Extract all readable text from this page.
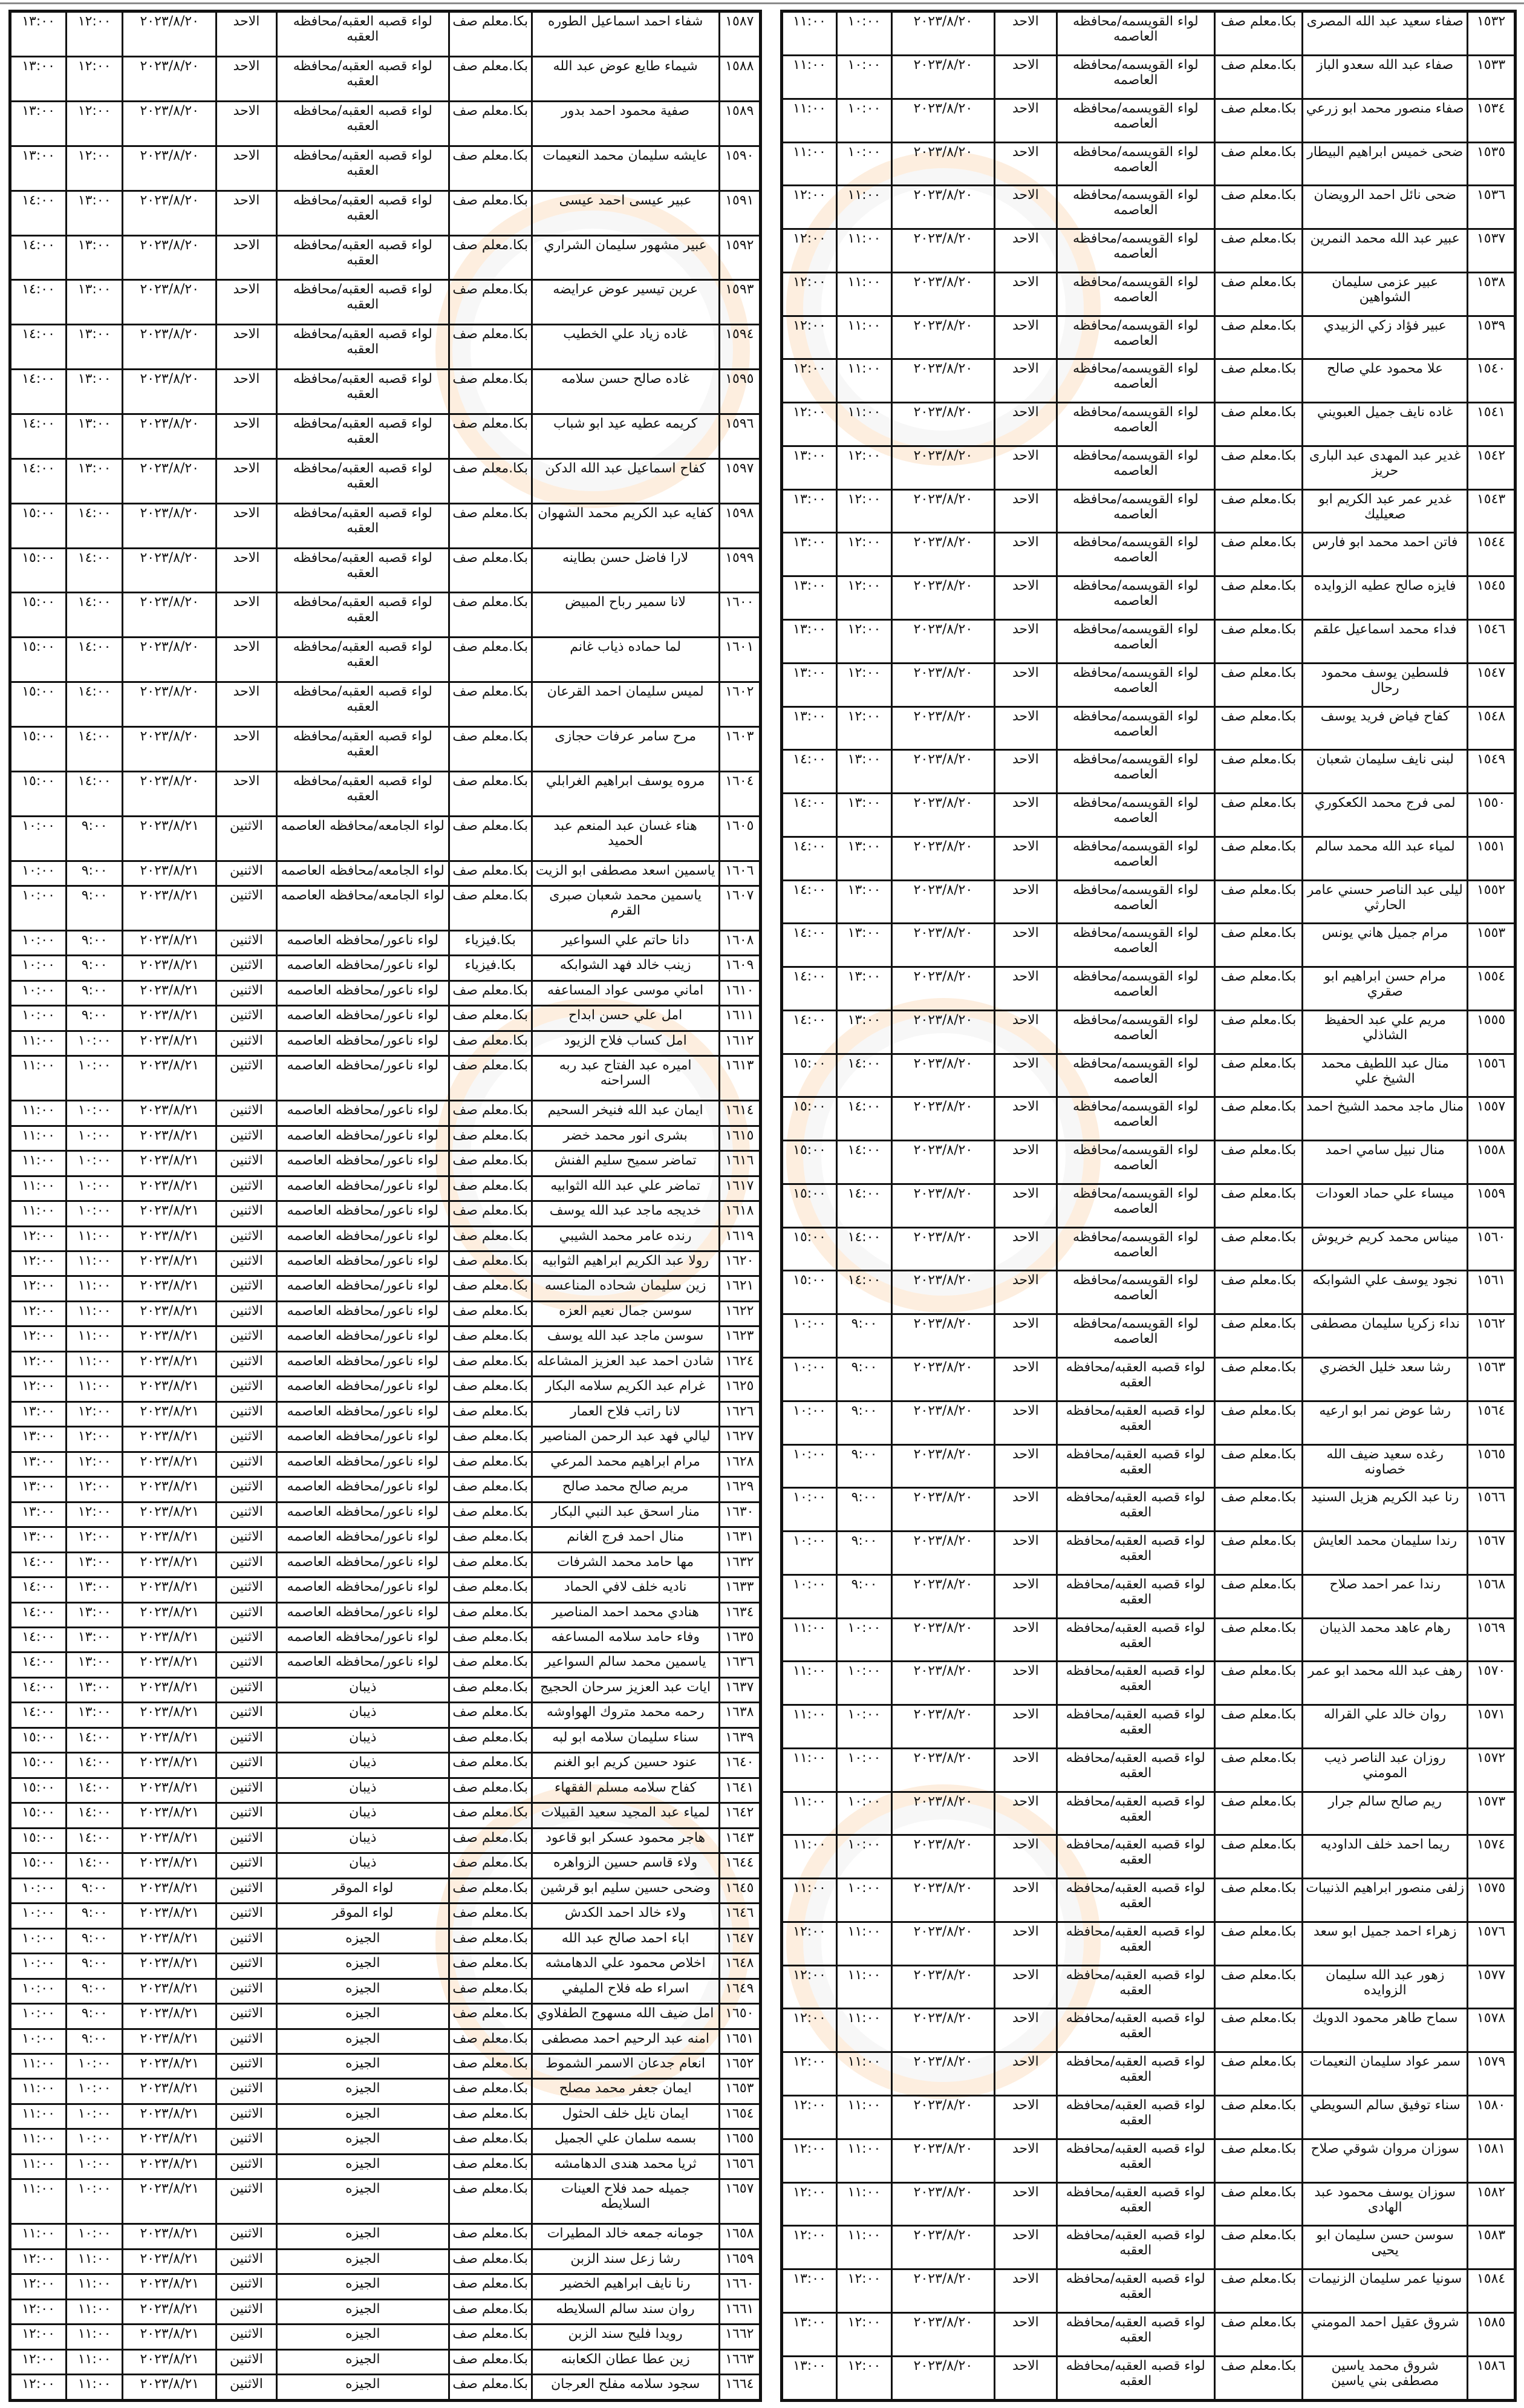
١٥٣٢	صفاء سعيد عبد الله المصرى	بكا.معلم صف	لواء القويسمه/محافظه العاصمه	الاحد	٢٠٢٣/٨/٢٠	١٠:٠٠	١١:٠٠
١٥٣٣	صفاء عبد الله سعدو الباز	بكا.معلم صف	لواء القويسمه/محافظه العاصمه	الاحد	٢٠٢٣/٨/٢٠	١٠:٠٠	١١:٠٠
١٥٣٤	صفاء منصور محمد ابو زرعي	بكا.معلم صف	لواء القويسمه/محافظه العاصمه	الاحد	٢٠٢٣/٨/٢٠	١٠:٠٠	١١:٠٠
١٥٣٥	ضحى خميس ابراهيم البيطار	بكا.معلم صف	لواء القويسمه/محافظه العاصمه	الاحد	٢٠٢٣/٨/٢٠	١٠:٠٠	١١:٠٠
١٥٣٦	ضحى نائل احمد الرويضان	بكا.معلم صف	لواء القويسمه/محافظه العاصمه	الاحد	٢٠٢٣/٨/٢٠	١١:٠٠	١٢:٠٠
١٥٣٧	عبير عبد الله محمد النمرين	بكا.معلم صف	لواء القويسمه/محافظه العاصمه	الاحد	٢٠٢٣/٨/٢٠	١١:٠٠	١٢:٠٠
١٥٣٨	عبير عزمى سليمان الشواهين	بكا.معلم صف	لواء القويسمه/محافظه العاصمه	الاحد	٢٠٢٣/٨/٢٠	١١:٠٠	١٢:٠٠
١٥٣٩	عبير فؤاد زكي الزبيدي	بكا.معلم صف	لواء القويسمه/محافظه العاصمه	الاحد	٢٠٢٣/٨/٢٠	١١:٠٠	١٢:٠٠
١٥٤٠	علا محمود علي صالح	بكا.معلم صف	لواء القويسمه/محافظه العاصمه	الاحد	٢٠٢٣/٨/٢٠	١١:٠٠	١٢:٠٠
١٥٤١	غاده نايف جميل العبويني	بكا.معلم صف	لواء القويسمه/محافظه العاصمه	الاحد	٢٠٢٣/٨/٢٠	١١:٠٠	١٢:٠٠
١٥٤٢	غدير عبد المهدى عبد البارى حريز	بكا.معلم صف	لواء القويسمه/محافظه العاصمه	الاحد	٢٠٢٣/٨/٢٠	١٢:٠٠	١٣:٠٠
١٥٤٣	غدير عمر عبد الكريم ابو صعيليك	بكا.معلم صف	لواء القويسمه/محافظه العاصمه	الاحد	٢٠٢٣/٨/٢٠	١٢:٠٠	١٣:٠٠
١٥٤٤	فاتن احمد محمد ابو فارس	بكا.معلم صف	لواء القويسمه/محافظه العاصمه	الاحد	٢٠٢٣/٨/٢٠	١٢:٠٠	١٣:٠٠
١٥٤٥	فايزه صالح عطيه الزوايده	بكا.معلم صف	لواء القويسمه/محافظه العاصمه	الاحد	٢٠٢٣/٨/٢٠	١٢:٠٠	١٣:٠٠
١٥٤٦	فداء محمد اسماعيل علقم	بكا.معلم صف	لواء القويسمه/محافظه العاصمه	الاحد	٢٠٢٣/٨/٢٠	١٢:٠٠	١٣:٠٠
١٥٤٧	فلسطين يوسف محمود رحال	بكا.معلم صف	لواء القويسمه/محافظه العاصمه	الاحد	٢٠٢٣/٨/٢٠	١٢:٠٠	١٣:٠٠
١٥٤٨	كفاح فياض فريد يوسف	بكا.معلم صف	لواء القويسمه/محافظه العاصمه	الاحد	٢٠٢٣/٨/٢٠	١٢:٠٠	١٣:٠٠
١٥٤٩	لبنى نايف سليمان شعبان	بكا.معلم صف	لواء القويسمه/محافظه العاصمه	الاحد	٢٠٢٣/٨/٢٠	١٣:٠٠	١٤:٠٠
١٥٥٠	لمى فرج محمد الكعكوري	بكا.معلم صف	لواء القويسمه/محافظه العاصمه	الاحد	٢٠٢٣/٨/٢٠	١٣:٠٠	١٤:٠٠
١٥٥١	لمياء عبد الله محمد سالم	بكا.معلم صف	لواء القويسمه/محافظه العاصمه	الاحد	٢٠٢٣/٨/٢٠	١٣:٠٠	١٤:٠٠
١٥٥٢	ليلى عبد الناصر حسني عامر الحارثي	بكا.معلم صف	لواء القويسمه/محافظه العاصمه	الاحد	٢٠٢٣/٨/٢٠	١٣:٠٠	١٤:٠٠
١٥٥٣	مرام جميل هاني يونس	بكا.معلم صف	لواء القويسمه/محافظه العاصمه	الاحد	٢٠٢٣/٨/٢٠	١٣:٠٠	١٤:٠٠
١٥٥٤	مرام حسن ابراهيم ابو صقري	بكا.معلم صف	لواء القويسمه/محافظه العاصمه	الاحد	٢٠٢٣/٨/٢٠	١٣:٠٠	١٤:٠٠
١٥٥٥	مريم علي عبد الحفيظ الشاذلي	بكا.معلم صف	لواء القويسمه/محافظه العاصمه	الاحد	٢٠٢٣/٨/٢٠	١٣:٠٠	١٤:٠٠
١٥٥٦	منال عبد اللطيف محمد الشيخ علي	بكا.معلم صف	لواء القويسمه/محافظه العاصمه	الاحد	٢٠٢٣/٨/٢٠	١٤:٠٠	١٥:٠٠
١٥٥٧	منال ماجد محمد الشيخ احمد	بكا.معلم صف	لواء القويسمه/محافظه العاصمه	الاحد	٢٠٢٣/٨/٢٠	١٤:٠٠	١٥:٠٠
١٥٥٨	منال نبيل سامي احمد	بكا.معلم صف	لواء القويسمه/محافظه العاصمه	الاحد	٢٠٢٣/٨/٢٠	١٤:٠٠	١٥:٠٠
١٥٥٩	ميساء علي حماد العودات	بكا.معلم صف	لواء القويسمه/محافظه العاصمه	الاحد	٢٠٢٣/٨/٢٠	١٤:٠٠	١٥:٠٠
١٥٦٠	ميناس محمد كريم خريوش	بكا.معلم صف	لواء القويسمه/محافظه العاصمه	الاحد	٢٠٢٣/٨/٢٠	١٤:٠٠	١٥:٠٠
١٥٦١	نجود يوسف علي الشوابكه	بكا.معلم صف	لواء القويسمه/محافظه العاصمه	الاحد	٢٠٢٣/٨/٢٠	١٤:٠٠	١٥:٠٠
١٥٦٢	نداء زكريا سليمان مصطفى	بكا.معلم صف	لواء القويسمه/محافظه العاصمه	الاحد	٢٠٢٣/٨/٢٠	٩:٠٠	١٠:٠٠
١٥٦٣	رشا سعد خليل الخضري	بكا.معلم صف	لواء قصبه العقبه/محافظه العقبه	الاحد	٢٠٢٣/٨/٢٠	٩:٠٠	١٠:٠٠
١٥٦٤	رشا عوض نمر ابو ارعيه	بكا.معلم صف	لواء قصبه العقبه/محافظه العقبه	الاحد	٢٠٢٣/٨/٢٠	٩:٠٠	١٠:٠٠
١٥٦٥	رغده سعيد ضيف الله خصاونه	بكا.معلم صف	لواء قصبه العقبه/محافظه العقبه	الاحد	٢٠٢٣/٨/٢٠	٩:٠٠	١٠:٠٠
١٥٦٦	رنا عبد الكريم هزيل السنيد	بكا.معلم صف	لواء قصبه العقبه/محافظه العقبه	الاحد	٢٠٢٣/٨/٢٠	٩:٠٠	١٠:٠٠
١٥٦٧	رندا سليمان محمد العايش	بكا.معلم صف	لواء قصبه العقبه/محافظه العقبه	الاحد	٢٠٢٣/٨/٢٠	٩:٠٠	١٠:٠٠
١٥٦٨	رندا عمر احمد صلاح	بكا.معلم صف	لواء قصبه العقبه/محافظه العقبه	الاحد	٢٠٢٣/٨/٢٠	٩:٠٠	١٠:٠٠
١٥٦٩	رهام عاهد محمد الذيبان	بكا.معلم صف	لواء قصبه العقبه/محافظه العقبه	الاحد	٢٠٢٣/٨/٢٠	١٠:٠٠	١١:٠٠
١٥٧٠	رهف عبد الله محمد ابو عمر	بكا.معلم صف	لواء قصبه العقبه/محافظه العقبه	الاحد	٢٠٢٣/٨/٢٠	١٠:٠٠	١١:٠٠
١٥٧١	روان خالد علي القراله	بكا.معلم صف	لواء قصبه العقبه/محافظه العقبه	الاحد	٢٠٢٣/٨/٢٠	١٠:٠٠	١١:٠٠
١٥٧٢	روزان عبد الناصر ذيب المومني	بكا.معلم صف	لواء قصبه العقبه/محافظه العقبه	الاحد	٢٠٢٣/٨/٢٠	١٠:٠٠	١١:٠٠
١٥٧٣	ريم صالح سالم جرار	بكا.معلم صف	لواء قصبه العقبه/محافظه العقبه	الاحد	٢٠٢٣/٨/٢٠	١٠:٠٠	١١:٠٠
١٥٧٤	ريما احمد خلف الداوديه	بكا.معلم صف	لواء قصبه العقبه/محافظه العقبه	الاحد	٢٠٢٣/٨/٢٠	١٠:٠٠	١١:٠٠
١٥٧٥	زلفى منصور ابراهيم الذنيبات	بكا.معلم صف	لواء قصبه العقبه/محافظه العقبه	الاحد	٢٠٢٣/٨/٢٠	١٠:٠٠	١١:٠٠
١٥٧٦	زهراء احمد جميل ابو سعد	بكا.معلم صف	لواء قصبه العقبه/محافظه العقبه	الاحد	٢٠٢٣/٨/٢٠	١١:٠٠	١٢:٠٠
١٥٧٧	زهور عبد الله سليمان الزوايده	بكا.معلم صف	لواء قصبه العقبه/محافظه العقبه	الاحد	٢٠٢٣/٨/٢٠	١١:٠٠	١٢:٠٠
١٥٧٨	سماح طاهر محمود الدويك	بكا.معلم صف	لواء قصبه العقبه/محافظه العقبه	الاحد	٢٠٢٣/٨/٢٠	١١:٠٠	١٢:٠٠
١٥٧٩	سمر عواد سليمان النعيمات	بكا.معلم صف	لواء قصبه العقبه/محافظه العقبه	الاحد	٢٠٢٣/٨/٢٠	١١:٠٠	١٢:٠٠
١٥٨٠	سناء توفيق سالم السويطي	بكا.معلم صف	لواء قصبه العقبه/محافظه العقبه	الاحد	٢٠٢٣/٨/٢٠	١١:٠٠	١٢:٠٠
١٥٨١	سوزان مروان شوقي صلاح	بكا.معلم صف	لواء قصبه العقبه/محافظه العقبه	الاحد	٢٠٢٣/٨/٢٠	١١:٠٠	١٢:٠٠
١٥٨٢	سوزان يوسف محمود عبد الهادى	بكا.معلم صف	لواء قصبه العقبه/محافظه العقبه	الاحد	٢٠٢٣/٨/٢٠	١١:٠٠	١٢:٠٠
١٥٨٣	سوسن حسن سليمان ابو يحيى	بكا.معلم صف	لواء قصبه العقبه/محافظه العقبه	الاحد	٢٠٢٣/٨/٢٠	١١:٠٠	١٢:٠٠
١٥٨٤	سونيا عمر سليمان الزنيمات	بكا.معلم صف	لواء قصبه العقبه/محافظه العقبه	الاحد	٢٠٢٣/٨/٢٠	١٢:٠٠	١٣:٠٠
١٥٨٥	شروق عقيل احمد المومني	بكا.معلم صف	لواء قصبه العقبه/محافظه العقبه	الاحد	٢٠٢٣/٨/٢٠	١٢:٠٠	١٣:٠٠
١٥٨٦	شروق محمد ياسين مصطفى بني ياسين	بكا.معلم صف	لواء قصبه العقبه/محافظه العقبه	الاحد	٢٠٢٣/٨/٢٠	١٢:٠٠	١٣:٠٠
١٥٨٧	شفاء احمد اسماعيل الطوره	بكا.معلم صف	لواء قصبه العقبه/محافظه العقبه	الاحد	٢٠٢٣/٨/٢٠	١٢:٠٠	١٣:٠٠
١٥٨٨	شيماء طايع عوض عبد الله	بكا.معلم صف	لواء قصبه العقبه/محافظه العقبه	الاحد	٢٠٢٣/٨/٢٠	١٢:٠٠	١٣:٠٠
١٥٨٩	صفية محمود احمد بدور	بكا.معلم صف	لواء قصبه العقبه/محافظه العقبه	الاحد	٢٠٢٣/٨/٢٠	١٢:٠٠	١٣:٠٠
١٥٩٠	عايشه سليمان محمد النعيمات	بكا.معلم صف	لواء قصبه العقبه/محافظه العقبه	الاحد	٢٠٢٣/٨/٢٠	١٢:٠٠	١٣:٠٠
١٥٩١	عبير عيسى احمد عيسى	بكا.معلم صف	لواء قصبه العقبه/محافظه العقبه	الاحد	٢٠٢٣/٨/٢٠	١٣:٠٠	١٤:٠٠
١٥٩٢	عبير مشهور سليمان الشراري	بكا.معلم صف	لواء قصبه العقبه/محافظه العقبه	الاحد	٢٠٢٣/٨/٢٠	١٣:٠٠	١٤:٠٠
١٥٩٣	عرين تيسير عوض عرايضه	بكا.معلم صف	لواء قصبه العقبه/محافظه العقبه	الاحد	٢٠٢٣/٨/٢٠	١٣:٠٠	١٤:٠٠
١٥٩٤	غاده زياد علي الخطيب	بكا.معلم صف	لواء قصبه العقبه/محافظه العقبه	الاحد	٢٠٢٣/٨/٢٠	١٣:٠٠	١٤:٠٠
١٥٩٥	غاده صالح حسن سلامه	بكا.معلم صف	لواء قصبه العقبه/محافظه العقبه	الاحد	٢٠٢٣/٨/٢٠	١٣:٠٠	١٤:٠٠
١٥٩٦	كريمه عطيه عيد ابو شباب	بكا.معلم صف	لواء قصبه العقبه/محافظه العقبه	الاحد	٢٠٢٣/٨/٢٠	١٣:٠٠	١٤:٠٠
١٥٩٧	كفاح اسماعيل عبد الله الدكن	بكا.معلم صف	لواء قصبه العقبه/محافظه العقبه	الاحد	٢٠٢٣/٨/٢٠	١٣:٠٠	١٤:٠٠
١٥٩٨	كفايه عبد الكريم محمد الشهوان	بكا.معلم صف	لواء قصبه العقبه/محافظه العقبه	الاحد	٢٠٢٣/٨/٢٠	١٤:٠٠	١٥:٠٠
١٥٩٩	لارا فاضل حسن بطاينه	بكا.معلم صف	لواء قصبه العقبه/محافظه العقبه	الاحد	٢٠٢٣/٨/٢٠	١٤:٠٠	١٥:٠٠
١٦٠٠	لانا سمير رباح المبيض	بكا.معلم صف	لواء قصبه العقبه/محافظه العقبه	الاحد	٢٠٢٣/٨/٢٠	١٤:٠٠	١٥:٠٠
١٦٠١	لما حماده ذياب غانم	بكا.معلم صف	لواء قصبه العقبه/محافظه العقبه	الاحد	٢٠٢٣/٨/٢٠	١٤:٠٠	١٥:٠٠
١٦٠٢	لميس سليمان احمد القرعان	بكا.معلم صف	لواء قصبه العقبه/محافظه العقبه	الاحد	٢٠٢٣/٨/٢٠	١٤:٠٠	١٥:٠٠
١٦٠٣	مرح سامر عرفات حجازى	بكا.معلم صف	لواء قصبه العقبه/محافظه العقبه	الاحد	٢٠٢٣/٨/٢٠	١٤:٠٠	١٥:٠٠
١٦٠٤	مروه يوسف ابراهيم الغرابلي	بكا.معلم صف	لواء قصبه العقبه/محافظه العقبه	الاحد	٢٠٢٣/٨/٢٠	١٤:٠٠	١٥:٠٠
١٦٠٥	هناء غسان عبد المنعم عبد الحميد	بكا.معلم صف	لواء الجامعه/محافظه العاصمه	الاثنين	٢٠٢٣/٨/٢١	٩:٠٠	١٠:٠٠
١٦٠٦	ياسمين اسعد مصطفى ابو الزيت	بكا.معلم صف	لواء الجامعه/محافظه العاصمه	الاثنين	٢٠٢٣/٨/٢١	٩:٠٠	١٠:٠٠
١٦٠٧	ياسمين محمد شعبان صبرى القرم	بكا.معلم صف	لواء الجامعه/محافظه العاصمه	الاثنين	٢٠٢٣/٨/٢١	٩:٠٠	١٠:٠٠
١٦٠٨	دانا حاتم علي السواعير	بكا.فيزياء	لواء ناعور/محافظه العاصمه	الاثنين	٢٠٢٣/٨/٢١	٩:٠٠	١٠:٠٠
١٦٠٩	زينب خالد فهد الشوابكه	بكا.فيزياء	لواء ناعور/محافظه العاصمه	الاثنين	٢٠٢٣/٨/٢١	٩:٠٠	١٠:٠٠
١٦١٠	اماني موسى عواد المساعفه	بكا.معلم صف	لواء ناعور/محافظه العاصمه	الاثنين	٢٠٢٣/٨/٢١	٩:٠٠	١٠:٠٠
١٦١١	امل علي حسن ابداح	بكا.معلم صف	لواء ناعور/محافظه العاصمه	الاثنين	٢٠٢٣/٨/٢١	٩:٠٠	١٠:٠٠
١٦١٢	امل كساب فلاح الزيود	بكا.معلم صف	لواء ناعور/محافظه العاصمه	الاثنين	٢٠٢٣/٨/٢١	١٠:٠٠	١١:٠٠
١٦١٣	اميره عبد الفتاح عبد ربه السراحنه	بكا.معلم صف	لواء ناعور/محافظه العاصمه	الاثنين	٢٠٢٣/٨/٢١	١٠:٠٠	١١:٠٠
١٦١٤	ايمان عبد الله فنيخر السحيم	بكا.معلم صف	لواء ناعور/محافظه العاصمه	الاثنين	٢٠٢٣/٨/٢١	١٠:٠٠	١١:٠٠
١٦١٥	بشرى انور محمد خضر	بكا.معلم صف	لواء ناعور/محافظه العاصمه	الاثنين	٢٠٢٣/٨/٢١	١٠:٠٠	١١:٠٠
١٦١٦	تماضر سميح سليم الفنش	بكا.معلم صف	لواء ناعور/محافظه العاصمه	الاثنين	٢٠٢٣/٨/٢١	١٠:٠٠	١١:٠٠
١٦١٧	تماضر علي عبد الله الثوابيه	بكا.معلم صف	لواء ناعور/محافظه العاصمه	الاثنين	٢٠٢٣/٨/٢١	١٠:٠٠	١١:٠٠
١٦١٨	خديجه ماجد عبد الله يوسف	بكا.معلم صف	لواء ناعور/محافظه العاصمه	الاثنين	٢٠٢٣/٨/٢١	١٠:٠٠	١١:٠٠
١٦١٩	رنده عامر محمد الشيبي	بكا.معلم صف	لواء ناعور/محافظه العاصمه	الاثنين	٢٠٢٣/٨/٢١	١١:٠٠	١٢:٠٠
١٦٢٠	رولا عبد الكريم ابراهيم الثوابيه	بكا.معلم صف	لواء ناعور/محافظه العاصمه	الاثنين	٢٠٢٣/٨/٢١	١١:٠٠	١٢:٠٠
١٦٢١	زين سليمان شحاده المناعسه	بكا.معلم صف	لواء ناعور/محافظه العاصمه	الاثنين	٢٠٢٣/٨/٢١	١١:٠٠	١٢:٠٠
١٦٢٢	سوسن جمال نعيم العزه	بكا.معلم صف	لواء ناعور/محافظه العاصمه	الاثنين	٢٠٢٣/٨/٢١	١١:٠٠	١٢:٠٠
١٦٢٣	سوسن ماجد عبد الله يوسف	بكا.معلم صف	لواء ناعور/محافظه العاصمه	الاثنين	٢٠٢٣/٨/٢١	١١:٠٠	١٢:٠٠
١٦٢٤	شادن احمد عبد العزيز المشاعله	بكا.معلم صف	لواء ناعور/محافظه العاصمه	الاثنين	٢٠٢٣/٨/٢١	١١:٠٠	١٢:٠٠
١٦٢٥	غرام عبد الكريم سلامه البكار	بكا.معلم صف	لواء ناعور/محافظه العاصمه	الاثنين	٢٠٢٣/٨/٢١	١١:٠٠	١٢:٠٠
١٦٢٦	لانا راتب فلاح العمار	بكا.معلم صف	لواء ناعور/محافظه العاصمه	الاثنين	٢٠٢٣/٨/٢١	١٢:٠٠	١٣:٠٠
١٦٢٧	ليالي فهد عبد الرحمن المناصير	بكا.معلم صف	لواء ناعور/محافظه العاصمه	الاثنين	٢٠٢٣/٨/٢١	١٢:٠٠	١٣:٠٠
١٦٢٨	مرام ابراهيم محمد المرعي	بكا.معلم صف	لواء ناعور/محافظه العاصمه	الاثنين	٢٠٢٣/٨/٢١	١٢:٠٠	١٣:٠٠
١٦٢٩	مريم صالح محمد صالح	بكا.معلم صف	لواء ناعور/محافظه العاصمه	الاثنين	٢٠٢٣/٨/٢١	١٢:٠٠	١٣:٠٠
١٦٣٠	منار اسحق عبد النبي البكار	بكا.معلم صف	لواء ناعور/محافظه العاصمه	الاثنين	٢٠٢٣/٨/٢١	١٢:٠٠	١٣:٠٠
١٦٣١	منال احمد فرج الغانم	بكا.معلم صف	لواء ناعور/محافظه العاصمه	الاثنين	٢٠٢٣/٨/٢١	١٢:٠٠	١٣:٠٠
١٦٣٢	مها حامد محمد الشرفات	بكا.معلم صف	لواء ناعور/محافظه العاصمه	الاثنين	٢٠٢٣/٨/٢١	١٣:٠٠	١٤:٠٠
١٦٣٣	ناديه خلف لافي الحماد	بكا.معلم صف	لواء ناعور/محافظه العاصمه	الاثنين	٢٠٢٣/٨/٢١	١٣:٠٠	١٤:٠٠
١٦٣٤	هنادي محمد احمد المناصير	بكا.معلم صف	لواء ناعور/محافظه العاصمه	الاثنين	٢٠٢٣/٨/٢١	١٣:٠٠	١٤:٠٠
١٦٣٥	وفاء حامد سلامه المساعفه	بكا.معلم صف	لواء ناعور/محافظه العاصمه	الاثنين	٢٠٢٣/٨/٢١	١٣:٠٠	١٤:٠٠
١٦٣٦	ياسمين محمد سالم السواعير	بكا.معلم صف	لواء ناعور/محافظه العاصمه	الاثنين	٢٠٢٣/٨/٢١	١٣:٠٠	١٤:٠٠
١٦٣٧	ايات عبد العزيز سرحان الحجيج	بكا.معلم صف	ذيبان	الاثنين	٢٠٢٣/٨/٢١	١٣:٠٠	١٤:٠٠
١٦٣٨	رحمه محمد متروك الهواوشه	بكا.معلم صف	ذيبان	الاثنين	٢٠٢٣/٨/٢١	١٣:٠٠	١٤:٠٠
١٦٣٩	سناء سليمان سلامه ابو لبه	بكا.معلم صف	ذيبان	الاثنين	٢٠٢٣/٨/٢١	١٤:٠٠	١٥:٠٠
١٦٤٠	عنود حسين كريم ابو الغنم	بكا.معلم صف	ذيبان	الاثنين	٢٠٢٣/٨/٢١	١٤:٠٠	١٥:٠٠
١٦٤١	كفاح سلامه مسلم الفقهاء	بكا.معلم صف	ذيبان	الاثنين	٢٠٢٣/٨/٢١	١٤:٠٠	١٥:٠٠
١٦٤٢	لمياء عبد المجيد سعيد القبيلات	بكا.معلم صف	ذيبان	الاثنين	٢٠٢٣/٨/٢١	١٤:٠٠	١٥:٠٠
١٦٤٣	هاجر محمود عسكر ابو قاعود	بكا.معلم صف	ذيبان	الاثنين	٢٠٢٣/٨/٢١	١٤:٠٠	١٥:٠٠
١٦٤٤	ولاء قاسم حسين الزواهره	بكا.معلم صف	ذيبان	الاثنين	٢٠٢٣/٨/٢١	١٤:٠٠	١٥:٠٠
١٦٤٥	وضحى حسين سليم ابو قرشين	بكا.معلم صف	لواء الموقر	الاثنين	٢٠٢٣/٨/٢١	٩:٠٠	١٠:٠٠
١٦٤٦	ولاء خالد احمد الكدش	بكا.معلم صف	لواء الموقر	الاثنين	٢٠٢٣/٨/٢١	٩:٠٠	١٠:٠٠
١٦٤٧	اباء احمد صالح عبد الله	بكا.معلم صف	الجيزه	الاثنين	٢٠٢٣/٨/٢١	٩:٠٠	١٠:٠٠
١٦٤٨	اخلاص محمود علي الدهامشه	بكا.معلم صف	الجيزه	الاثنين	٢٠٢٣/٨/٢١	٩:٠٠	١٠:٠٠
١٦٤٩	اسراء طه فلاح المليفي	بكا.معلم صف	الجيزه	الاثنين	٢٠٢٣/٨/٢١	٩:٠٠	١٠:٠٠
١٦٥٠	امل ضيف الله مسهوج الطفلاوي	بكا.معلم صف	الجيزه	الاثنين	٢٠٢٣/٨/٢١	٩:٠٠	١٠:٠٠
١٦٥١	امنه عبد الرحيم احمد مصطفى	بكا.معلم صف	الجيزه	الاثنين	٢٠٢٣/٨/٢١	٩:٠٠	١٠:٠٠
١٦٥٢	انعام جدعان الاسمر الشموط	بكا.معلم صف	الجيزه	الاثنين	٢٠٢٣/٨/٢١	١٠:٠٠	١١:٠٠
١٦٥٣	ايمان جعفر محمد مصلح	بكا.معلم صف	الجيزه	الاثنين	٢٠٢٣/٨/٢١	١٠:٠٠	١١:٠٠
١٦٥٤	ايمان نايل خلف الحثول	بكا.معلم صف	الجيزه	الاثنين	٢٠٢٣/٨/٢١	١٠:٠٠	١١:٠٠
١٦٥٥	بسمه سلمان علي الجميل	بكا.معلم صف	الجيزه	الاثنين	٢٠٢٣/٨/٢١	١٠:٠٠	١١:٠٠
١٦٥٦	ثريا محمد هندى الدهامشه	بكا.معلم صف	الجيزه	الاثنين	٢٠٢٣/٨/٢١	١٠:٠٠	١١:٠٠
١٦٥٧	جميله حمد فلاح العينات السلايطه	بكا.معلم صف	الجيزه	الاثنين	٢٠٢٣/٨/٢١	١٠:٠٠	١١:٠٠
١٦٥٨	جومانه جمعه خالد المطيرات	بكا.معلم صف	الجيزه	الاثنين	٢٠٢٣/٨/٢١	١٠:٠٠	١١:٠٠
١٦٥٩	رشا زعل سند الزبن	بكا.معلم صف	الجيزه	الاثنين	٢٠٢٣/٨/٢١	١١:٠٠	١٢:٠٠
١٦٦٠	رنا نايف ابراهيم الخضير	بكا.معلم صف	الجيزه	الاثنين	٢٠٢٣/٨/٢١	١١:٠٠	١٢:٠٠
١٦٦١	روان سند سالم السلايطه	بكا.معلم صف	الجيزه	الاثنين	٢٠٢٣/٨/٢١	١١:٠٠	١٢:٠٠
١٦٦٢	رويدا فليح سند الزبن	بكا.معلم صف	الجيزه	الاثنين	٢٠٢٣/٨/٢١	١١:٠٠	١٢:٠٠
١٦٦٣	زين عطا عطان الكعابنه	بكا.معلم صف	الجيزه	الاثنين	٢٠٢٣/٨/٢١	١١:٠٠	١٢:٠٠
١٦٦٤	سجود سلامه مفلح العرجان	بكا.معلم صف	الجيزه	الاثنين	٢٠٢٣/٨/٢١	١١:٠٠	١٢:٠٠
